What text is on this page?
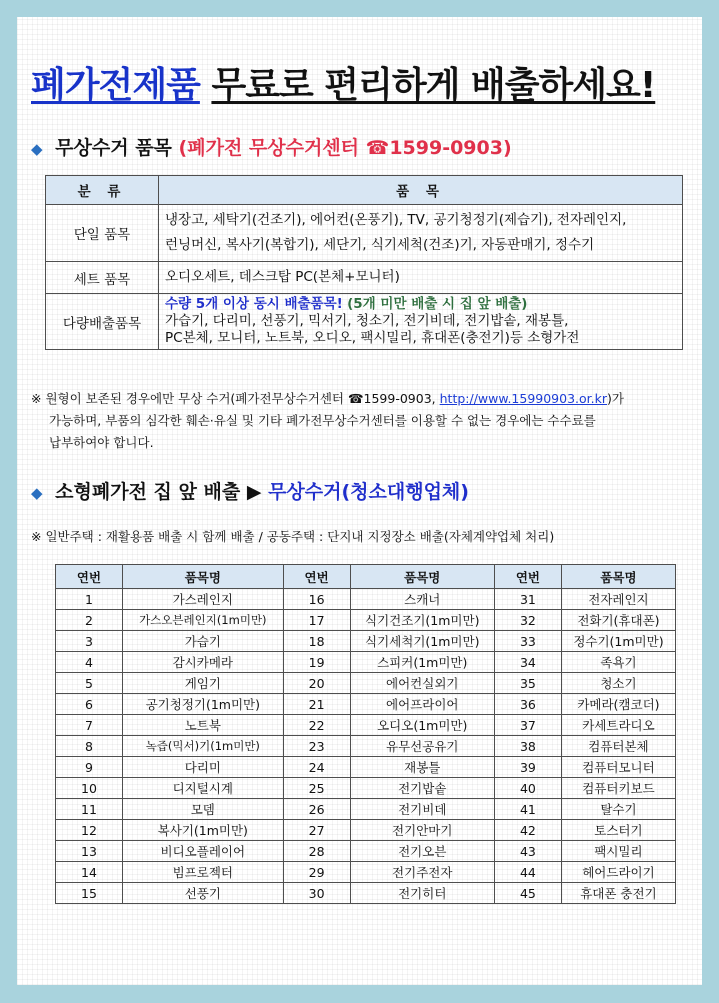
폐가전제품 무료로 편리하게 배출하세요!
◆ 무상수거 품목 (폐가전 무상수거센터 ☎1599-0903)
분 류	품 목
단일 품목	냉장고, 세탁기(건조기), 에어컨(온풍기), TV, 공기청정기(제습기), 전자레인지,
런닝머신, 복사기(복합기), 세단기, 식기세척(건조)기, 자동판매기, 정수기

세트 품목	오디오세트, 데스크탑 PC(본체+모니터)
다량배출품목	수량 5개 이상 동시 배출품목! (5개 미만 배출 시 집 앞 배출)
가습기, 다리미, 선풍기, 믹서기, 청소기, 전기비데, 전기밥솥, 재봉틀,
PC본체, 모니터, 노트북, 오디오, 팩시밀리, 휴대폰(충전기)등 소형가전
※ 원형이 보존된 경우에만 무상 수거(폐가전무상수거센터 ☎1599-0903, http://www.15990903.or.kr)가
가능하며, 부품의 심각한 훼손·유실 및 기타 폐가전무상수거센터를 이용할 수 없는 경우에는 수수료를
납부하여야 합니다.
◆ 소형폐가전 집 앞 배출 ▶ 무상수거(청소대행업체)
※ 일반주택 : 재활용품 배출 시 함께 배출 / 공동주택 : 단지내 지정장소 배출(자체계약업체 처리)
연번	품목명	연번	품목명	연번	품목명
1	가스레인지	16	스캐너	31	전자레인지
2	가스오븐레인지(1m미만)	17	식기건조기(1m미만)	32	전화기(휴대폰)
3	가습기	18	식기세척기(1m미만)	33	정수기(1m미만)
4	감시카메라	19	스피커(1m미만)	34	족욕기
5	게임기	20	에어컨실외기	35	청소기
6	공기청정기(1m미만)	21	에어프라이어	36	카메라(캠코더)
7	노트북	22	오디오(1m미만)	37	카세트라디오
8	녹즙(믹서)기(1m미만)	23	유무선공유기	38	컴퓨터본체
9	다리미	24	재봉틀	39	컴퓨터모니터
10	디지털시계	25	전기밥솥	40	컴퓨터키보드
11	모뎀	26	전기비데	41	탈수기
12	복사기(1m미만)	27	전기안마기	42	토스터기
13	비디오플레이어	28	전기오븐	43	팩시밀리
14	빔프로젝터	29	전기주전자	44	헤어드라이기
15	선풍기	30	전기히터	45	휴대폰 충전기
